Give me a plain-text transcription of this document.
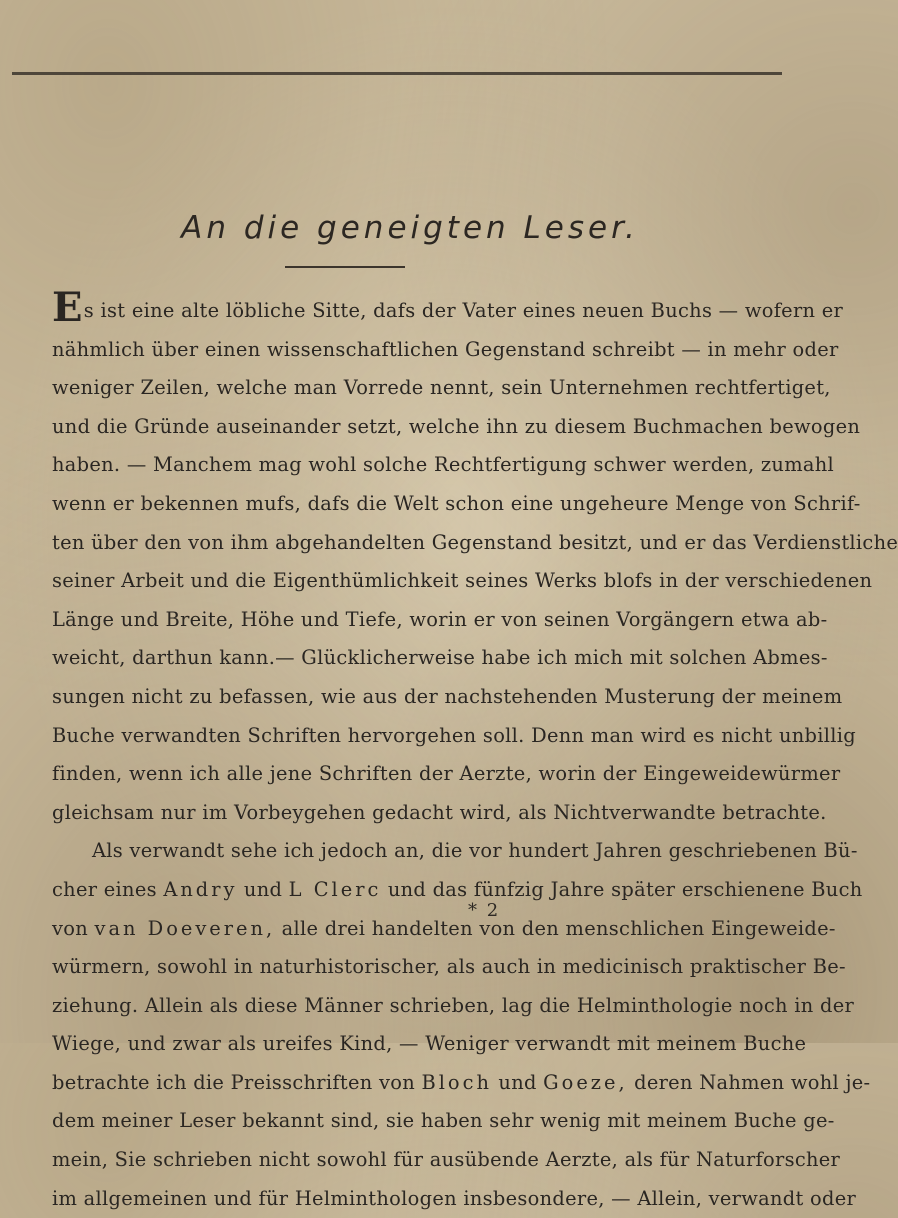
An die geneigten Leser.
Es ist eine alte löbliche Sitte, dafs der Vater eines neuen Buchs — wofern er
nähmlich über einen wissenschaftlichen Gegenstand schreibt — in mehr oder
weniger Zeilen, welche man Vorrede nennt, sein Unternehmen rechtfertiget,
und die Gründe auseinander setzt, welche ihn zu diesem Buchmachen bewogen
haben. — Manchem mag wohl solche Rechtfertigung schwer werden, zumahl
wenn er bekennen mufs, dafs die Welt schon eine ungeheure Menge von Schrif-
ten über den von ihm abgehandelten Gegenstand besitzt, und er das Verdienstliche
seiner Arbeit und die Eigenthümlichkeit seines Werks blofs in der verschiedenen
Länge und Breite, Höhe und Tiefe, worin er von seinen Vorgängern etwa ab-
weicht, darthun kann.— Glücklicherweise habe ich mich mit solchen Abmes-
sungen nicht zu befassen, wie aus der nachstehenden Musterung der meinem
Buche verwandten Schriften hervorgehen soll. Denn man wird es nicht unbillig
finden, wenn ich alle jene Schriften der Aerzte, worin der Eingeweidewürmer
gleichsam nur im Vorbeygehen gedacht wird, als Nichtverwandte betrachte.
Als verwandt sehe ich jedoch an, die vor hundert Jahren geschriebenen Bü-
cher eines Andry und L Clerc und das fünfzig Jahre später erschienene Buch
von van Doeveren, alle drei handelten von den menschlichen Eingeweide-
würmern, sowohl in naturhistorischer, als auch in medicinisch praktischer Be-
ziehung. Allein als diese Männer schrieben, lag die Helminthologie noch in der
Wiege, und zwar als ureifes Kind, — Weniger verwandt mit meinem Buche
betrachte ich die Preisschriften von Bloch und Goeze, deren Nahmen wohl je-
dem meiner Leser bekannt sind, sie haben sehr wenig mit meinem Buche ge-
mein, Sie schrieben nicht sowohl für ausübende Aerzte, als für Naturforscher
im allgemeinen und für Helminthologen insbesondere, — Allein, verwandt oder
* 2
